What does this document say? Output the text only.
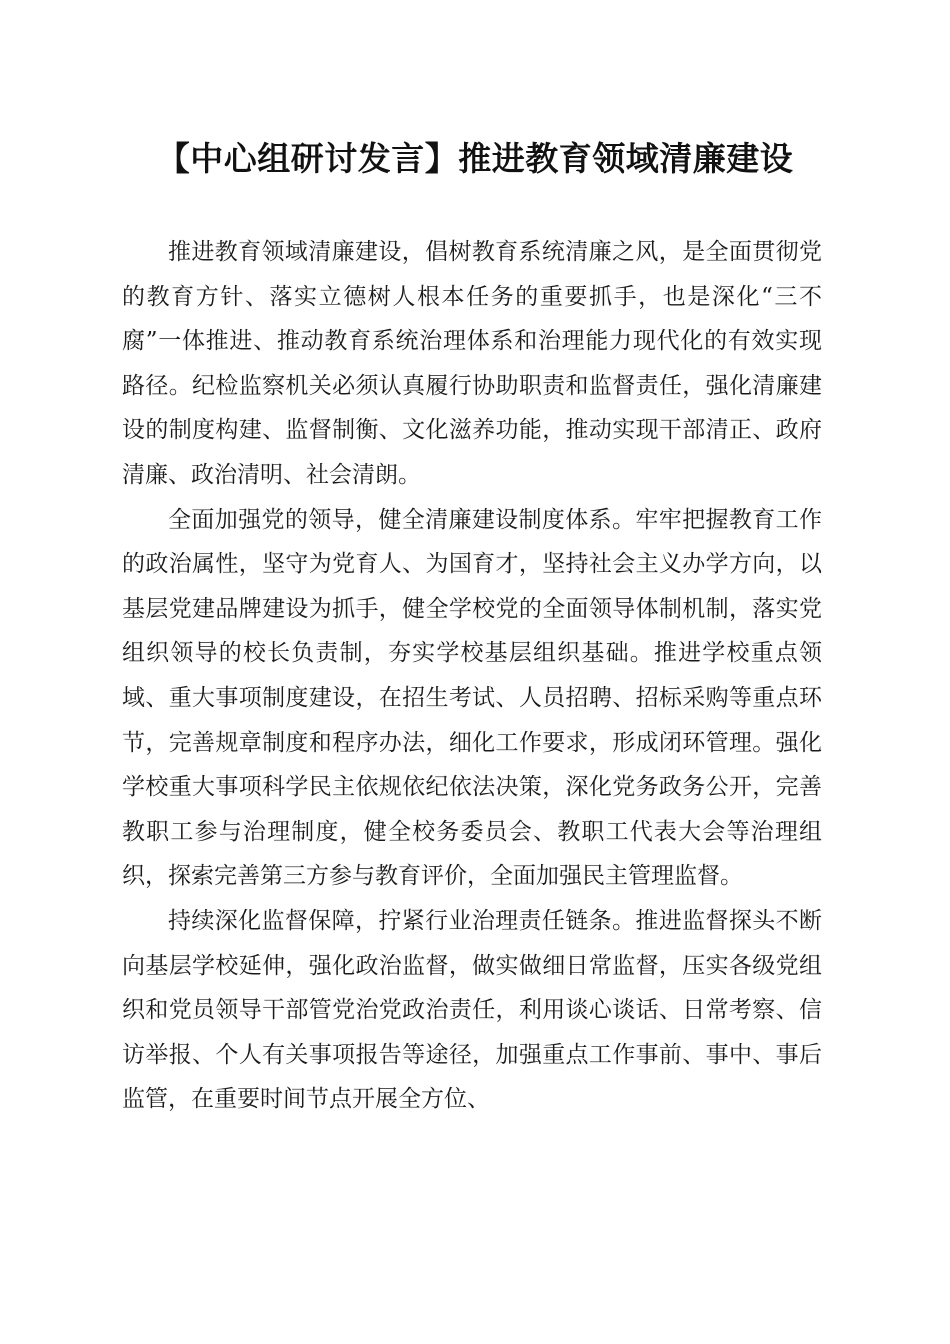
【中心组研讨发言】推进教育领域清廉建设

推进教育领域清廉建设，倡树教育系统清廉之风，是全面贯彻党的教育方针、落实立德树人根本任务的重要抓手，也是深化“三不腐”一体推进、推动教育系统治理体系和治理能力现代化的有效实现路径。纪检监察机关必须认真履行协助职责和监督责任，强化清廉建设的制度构建、监督制衡、文化滋养功能，推动实现干部清正、政府清廉、政治清明、社会清朗。

全面加强党的领导，健全清廉建设制度体系。牢牢把握教育工作的政治属性，坚守为党育人、为国育才，坚持社会主义办学方向，以基层党建品牌建设为抓手，健全学校党的全面领导体制机制，落实党组织领导的校长负责制，夯实学校基层组织基础。推进学校重点领域、重大事项制度建设，在招生考试、人员招聘、招标采购等重点环节，完善规章制度和程序办法，细化工作要求，形成闭环管理。强化学校重大事项科学民主依规依纪依法决策，深化党务政务公开，完善教职工参与治理制度，健全校务委员会、教职工代表大会等治理组织，探索完善第三方参与教育评价，全面加强民主管理监督。

持续深化监督保障，拧紧行业治理责任链条。推进监督探头不断向基层学校延伸，强化政治监督，做实做细日常监督，压实各级党组织和党员领导干部管党治党政治责任，利用谈心谈话、日常考察、信访举报、个人有关事项报告等途径，加强重点工作事前、事中、事后监管，在重要时间节点开展全方位、
